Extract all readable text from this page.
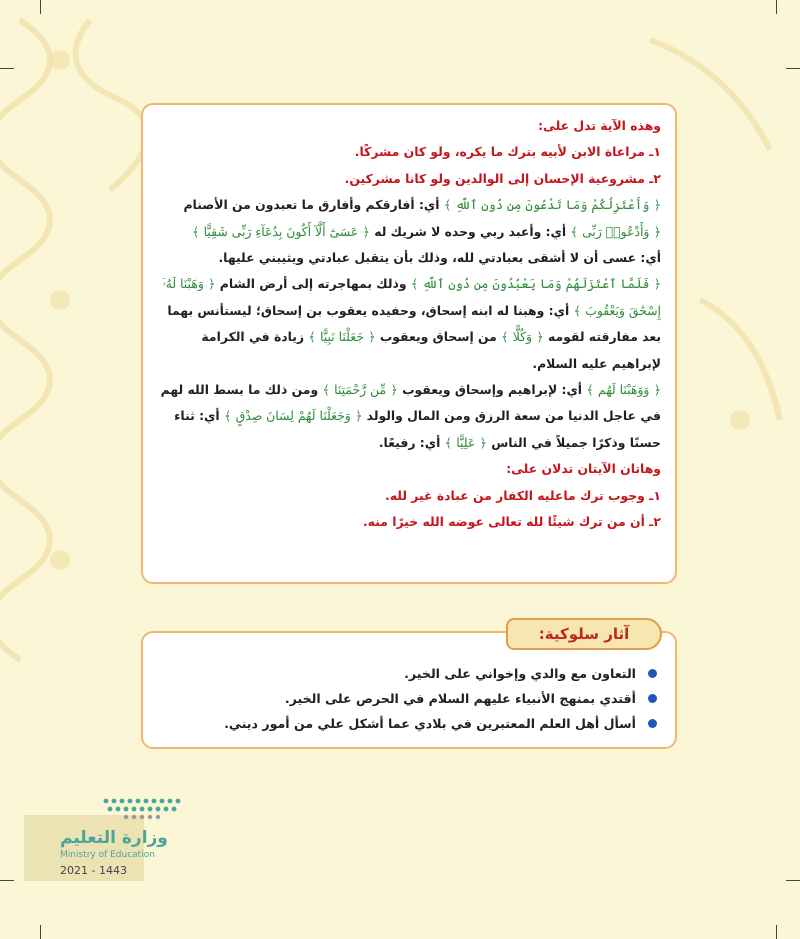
وهذه الآية تدل على:
١ـ مراعاة الابن لأبيه بترك ما يكره، ولو كان مشركًا.
٢ـ مشروعية الإحسان إلى الوالدين ولو كانا مشركين.
﴿ وَأَعْتَزِلُكُمْ وَمَا تَدْعُونَ مِن دُونِ ٱللَّهِ ﴾ أي: أفارقكم وأفارق ما تعبدون من الأصنام
﴿ وَأَدْعُوا۟ رَبِّى ﴾ أي: وأعبد ربي وحده لا شريك له ﴿ عَسَىٰٓ أَلَّآ أَكُونَ بِدُعَآءِ رَبِّى شَقِيًّا ﴾
أي: عسى أن لا أشقى بعبادتي لله، وذلك بأن يتقبل عبادتي ويثيبني عليها.
﴿ فَلَمَّا ٱعْتَزَلَهُمْ وَمَا يَعْبُدُونَ مِن دُونِ ٱللَّهِ ﴾ وذلك بمهاجرته إلى أرض الشام ﴿ وَهَبْنَا لَهُۥٓ
إِسْحَٰقَ وَيَعْقُوبَ ﴾ أي: وهبنا له ابنه إسحاق، وحفيده يعقوب بن إسحاق؛ ليستأنس بهما
بعد مفارقته لقومه ﴿ وَكُلًّا ﴾ من إسحاق ويعقوب ﴿ جَعَلْنَا نَبِيًّا ﴾ زيادة في الكرامة
لإبراهيم عليه السلام.
﴿ وَوَهَبْنَا لَهُم ﴾ أي: لإبراهيم وإسحاق ويعقوب ﴿ مِّن رَّحْمَتِنَا ﴾ ومن ذلك ما بسط الله لهم
في عاجل الدنيا من سعة الرزق ومن المال والولد ﴿ وَجَعَلْنَا لَهُمْ لِسَانَ صِدْقٍ ﴾ أي: ثناء
حسنًا وذكرًا جميلاً في الناس ﴿ عَلِيًّا ﴾ أي: رفيعًا.
وهاتان الآيتان تدلان على:
١ـ وجوب ترك ماعليه الكفار من عبادة غير لله.
٢ـ أن من ترك شيئًا لله تعالى عوضه الله خيرًا منه.
التعاون مع والدي وإخواني على الخير.
أقتدي بمنهج الأنبياء عليهم السلام في الحرص على الخير.
أسأل أهل العلم المعتبرين في بلادي عما أشكل علي من أمور ديني.
آثار سلوكية:
وزارة التعليم
Ministry of Education
2021 - 1443
